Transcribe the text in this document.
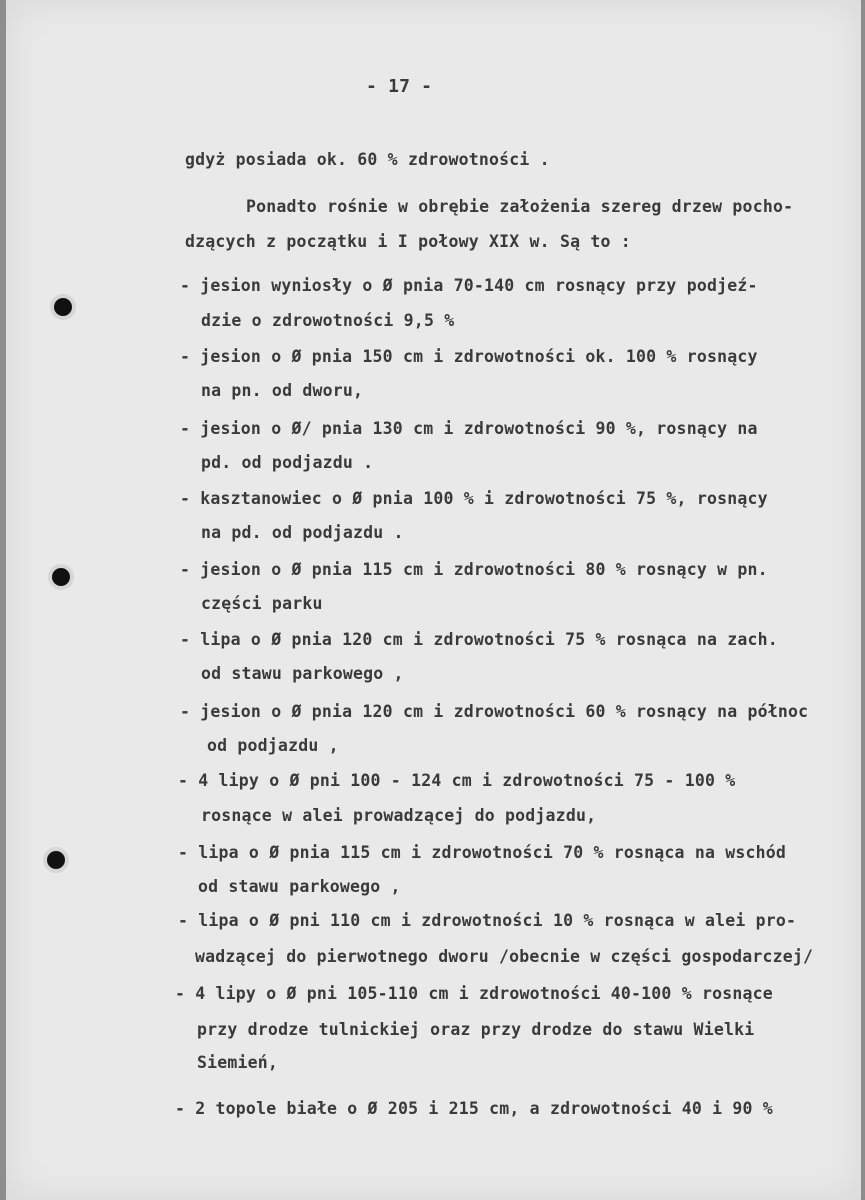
- 17 -
gdyż posiada ok. 60 % zdrowotności .
Ponadto rośnie w obrębie założenia szereg drzew pocho-
dzących z początku i I połowy XIX w. Są to :
- jesion wyniosły o Ø pnia 70-140 cm rosnący przy podjeź-
dzie o zdrowotności 9,5 %
- jesion o Ø pnia 150 cm i zdrowotności ok. 100 % rosnący
na pn. od dworu,
- jesion o Ø/ pnia 130 cm i zdrowotności 90 %, rosnący na
pd. od podjazdu .
- kasztanowiec o Ø pnia 100 % i zdrowotności 75 %, rosnący
na pd. od podjazdu .
- jesion o Ø pnia 115 cm i zdrowotności 80 % rosnący w pn.
części parku
- lipa o Ø pnia 120 cm i zdrowotności 75 % rosnąca na zach.
od stawu parkowego ,
- jesion o Ø pnia 120 cm i zdrowotności 60 % rosnący na północ
od podjazdu ,
- 4 lipy o Ø pni 100 - 124 cm i zdrowotności 75 - 100 %
rosnące w alei prowadzącej do podjazdu,
- lipa o Ø pnia 115 cm i zdrowotności 70 % rosnąca na wschód
od stawu parkowego ,
- lipa o Ø pni 110 cm i zdrowotności 10 % rosnąca w alei pro-
wadzącej do pierwotnego dworu /obecnie w części gospodarczej/
- 4 lipy o Ø pni 105-110 cm i zdrowotności 40-100 % rosnące
przy drodze tulnickiej oraz przy drodze do stawu Wielki
Siemień,
- 2 topole białe o Ø 205 i 215 cm, a zdrowotności 40 i 90 %
